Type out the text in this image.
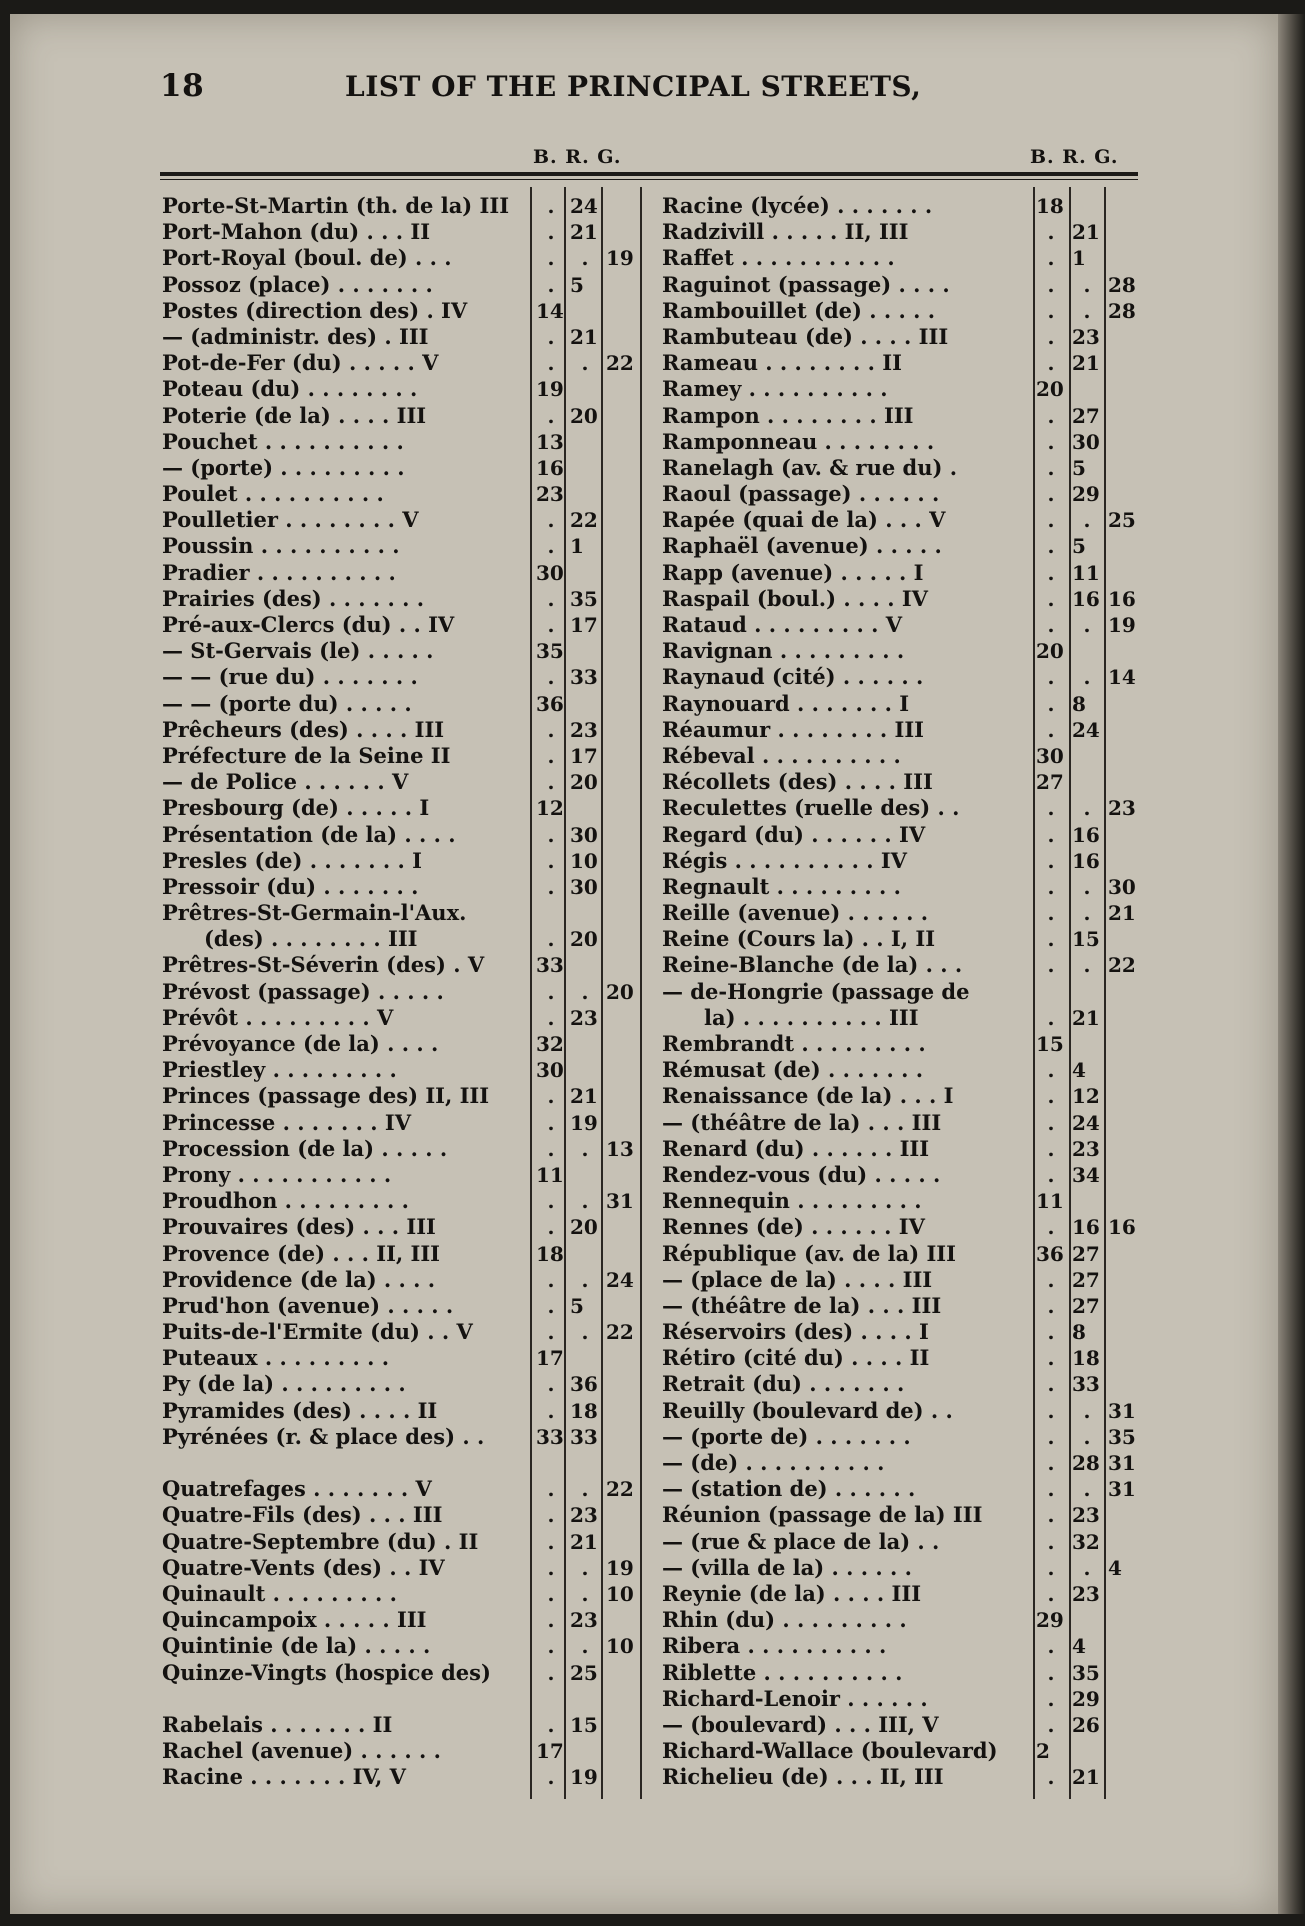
18	LIST OF THE PRINCIPAL STREETS,
B. R. G.	B. R. G.
Porte-St-Martin (th. de la) III	. 24
Port-Mahon (du) . . . II	. 21
Port-Royal (boul. de) . . .	.	. 19
Possoz (place) . . . . . . .	. 5
Postes (direction des) . IV	14
— (administr. des) . III	. 21
Pot-de-Fer (du) . . . . . V	.	. 22
Poteau (du) . . . . . . . .	19
Poterie (de la) . . . . III	. 20
Pouchet . . . . . . . . . .	13
— (porte) . . . . . . . . .	16
Poulet . . . . . . . . . .	23
Poulletier . . . . . . . . V	. 22
Poussin . . . . . . . . . .	. 1
Pradier . . . . . . . . . .	30
Prairies (des) . . . . . . .	. 35
Pré-aux-Clercs (du) . . IV	. 17
— St-Gervais (le) . . . . .	35
— — (rue du) . . . . . . .	. 33
— — (porte du) . . . . .	36
Prêcheurs (des) . . . . III	. 23
Préfecture de la Seine II	. 17
— de Police . . . . . . V	. 20
Presbourg (de) . . . . . I	12
Présentation (de la) . . . .	. 30
Presles (de) . . . . . . . I	. 10
Pressoir (du) . . . . . . .	. 30
Prêtres-St-Germain-l'Aux.
  (des) . . . . . . . . III	. 20
Prêtres-St-Séverin (des) . V	33
Prévost (passage) . . . . .	.	. 20
Prévôt . . . . . . . . . V	. 23
Prévoyance (de la) . . . .	32
Priestley . . . . . . . . .	30
Princes (passage des) II, III	. 21
Princesse . . . . . . . IV	. 19
Procession (de la) . . . . .	.	. 13
Prony . . . . . . . . . . .	11
Proudhon . . . . . . . . .	.	. 31
Prouvaires (des) . . . III	. 20
Provence (de) . . . II, III	18
Providence (de la) . . . .	.	. 24
Prud'hon (avenue) . . . . .	. 5
Puits-de-l'Ermite (du) . . V	.	. 22
Puteaux . . . . . . . . .	17
Py (de la) . . . . . . . . .	. 36
Pyramides (des) . . . . II	. 18
Pyrénées (r. & place des) . .	33 33
Quatrefages . . . . . . . V	.	. 22
Quatre-Fils (des) . . . III	. 23
Quatre-Septembre (du) . II	. 21
Quatre-Vents (des) . . IV	.	. 19
Quinault . . . . . . . . .	.	. 10
Quincampoix . . . . . III	. 23
Quintinie (de la) . . . . .	.	. 10
Quinze-Vingts (hospice des)	. 25
Rabelais . . . . . . . II	. 15
Rachel (avenue) . . . . . .	17
Racine . . . . . . . IV, V	. 19
Racine (lycée) . . . . . . .	18
Radzivill . . . . . II, III	. 21
Raffet . . . . . . . . . . .	. 1
Raguinot (passage) . . . .	.	. 28
Rambouillet (de) . . . . .	.	. 28
Rambuteau (de) . . . . III	. 23
Rameau . . . . . . . . II	. 21
Ramey . . . . . . . . . .	20
Rampon . . . . . . . . III	. 27
Ramponneau . . . . . . . .	. 30
Ranelagh (av. & rue du) .	. 5
Raoul (passage) . . . . . .	. 29
Rapée (quai de la) . . . V	.	. 25
Raphaël (avenue) . . . . .	. 5
Rapp (avenue) . . . . . I	. 11
Raspail (boul.) . . . . IV	. 16 16
Rataud . . . . . . . . . V	.	. 19
Ravignan . . . . . . . . .	20
Raynaud (cité) . . . . . .	.	. 14
Raynouard . . . . . . . I	. 8
Réaumur . . . . . . . . III	. 24
Rébeval . . . . . . . . . .	30
Récollets (des) . . . . III	27
Reculettes (ruelle des) . .	.	. 23
Regard (du) . . . . . . IV	. 16
Régis . . . . . . . . . . IV	. 16
Regnault . . . . . . . . .	.	. 30
Reille (avenue) . . . . . .	.	. 21
Reine (Cours la) . . I, II	. 15
Reine-Blanche (de la) . . .	.	. 22
— de-Hongrie (passage de
  la) . . . . . . . . . . III	. 21
Rembrandt . . . . . . . . .	15
Rémusat (de) . . . . . . .	. 4
Renaissance (de la) . . . I	. 12
— (théâtre de la) . . . III	. 24
Renard (du) . . . . . . III	. 23
Rendez-vous (du) . . . . .	. 34
Rennequin . . . . . . . . .	11
Rennes (de) . . . . . . IV	. 16 16
République (av. de la) III	36 27
— (place de la) . . . . III	. 27
— (théâtre de la) . . . III	. 27
Réservoirs (des) . . . . I	. 8
Rétiro (cité du) . . . . II	. 18
Retrait (du) . . . . . . .	. 33
Reuilly (boulevard de) . .	.	. 31
— (porte de) . . . . . . .	.	. 35
— (de) . . . . . . . . . .	. 28 31
— (station de) . . . . . .	.	. 31
Réunion (passage de la) III	. 23
— (rue & place de la) . .	. 32
— (villa de la) . . . . . .	.	. 4
Reynie (de la) . . . . III	. 23
Rhin (du) . . . . . . . . .	29
Ribera . . . . . . . . . .	. 4
Riblette . . . . . . . . . .	. 35
Richard-Lenoir . . . . . .	. 29
— (boulevard) . . . III, V	. 26
Richard-Wallace (boulevard)	2
Richelieu (de) . . . II, III	. 21
